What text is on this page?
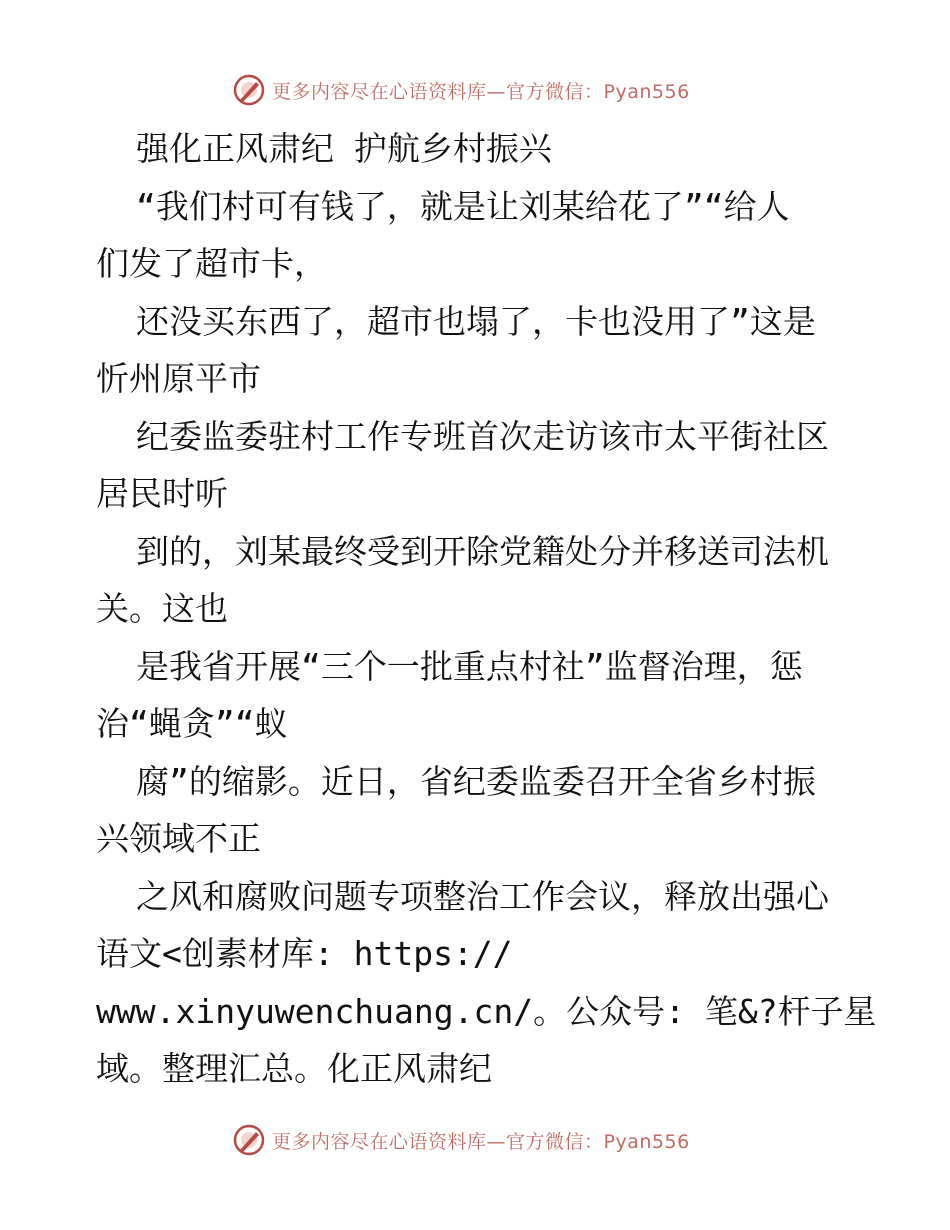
更多内容尽在心语资料库—官方微信：Pyan556
强化正风肃纪 护航乡村振兴
“我们村可有钱了，就是让刘某给花了”“给人
们发了超市卡，
还没买东西了，超市也塌了，卡也没用了”这是
忻州原平市
纪委监委驻村工作专班首次走访该市太平街社区
居民时听
到的，刘某最终受到开除党籍处分并移送司法机
关。这也
是我省开展“三个一批重点村社”监督治理，惩
治“蝇贪”“蚁
腐”的缩影。近日，省纪委监委召开全省乡村振
兴领域不正
之风和腐败问题专项整治工作会议，释放出强心
语文<创素材库: https://
www.xinyuwenchuang.cn/。公众号: 笔&?杆子星
域。整理汇总。化正风肃纪
更多内容尽在心语资料库—官方微信：Pyan556
